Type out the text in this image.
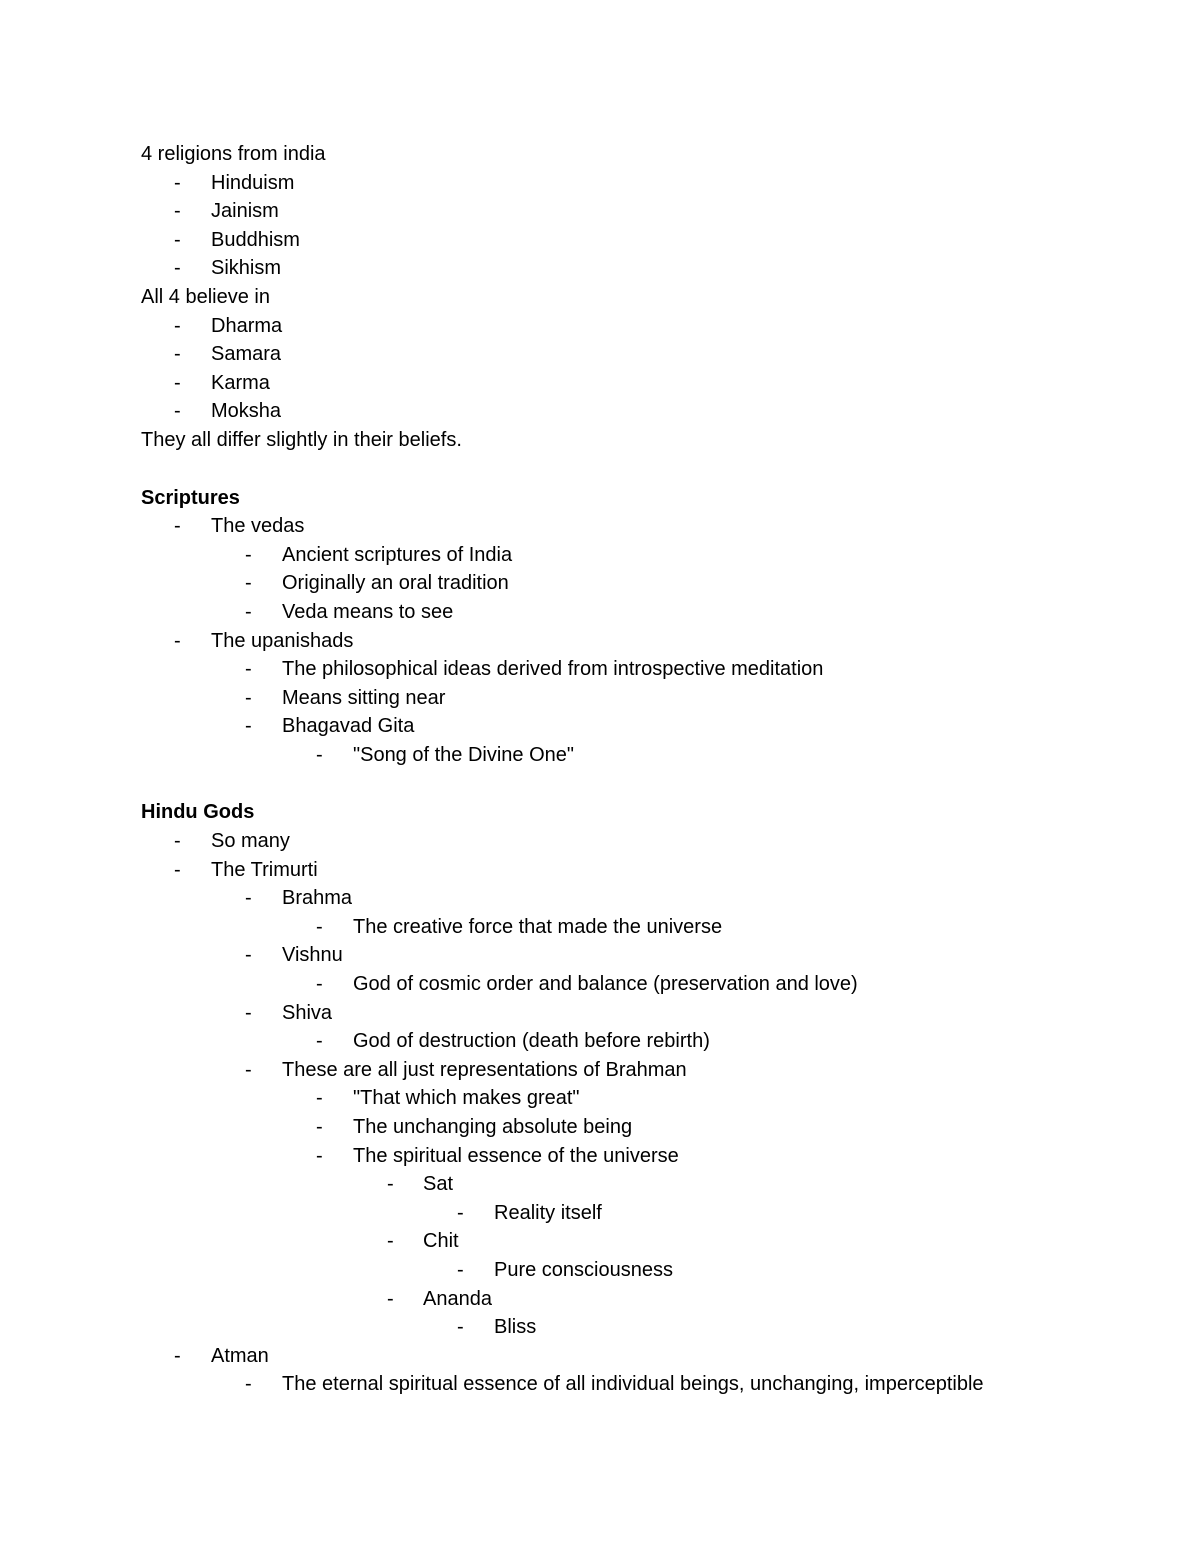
4 religions from india
-	Hinduism
-	Jainism
-	Buddhism
-	Sikhism
All 4 believe in
-	Dharma
-	Samara
-	Karma
-	Moksha
They all differ slightly in their beliefs.
Scriptures
-	The vedas
-	Ancient scriptures of India
-	Originally an oral tradition
-	Veda means to see
-	The upanishads
-	The philosophical ideas derived from introspective meditation
-	Means sitting near
-	Bhagavad Gita
-	"Song of the Divine One"
Hindu Gods
-	So many
-	The Trimurti
-	Brahma
-	The creative force that made the universe
-	Vishnu
-	God of cosmic order and balance (preservation and love)
-	Shiva
-	God of destruction (death before rebirth)
-	These are all just representations of Brahman
-	"That which makes great"
-	The unchanging absolute being
-	The spiritual essence of the universe
-	Sat
-	Reality itself
-	Chit
-	Pure consciousness
-	Ananda
-	Bliss
-	Atman
-	The eternal spiritual essence of all individual beings, unchanging, imperceptible
